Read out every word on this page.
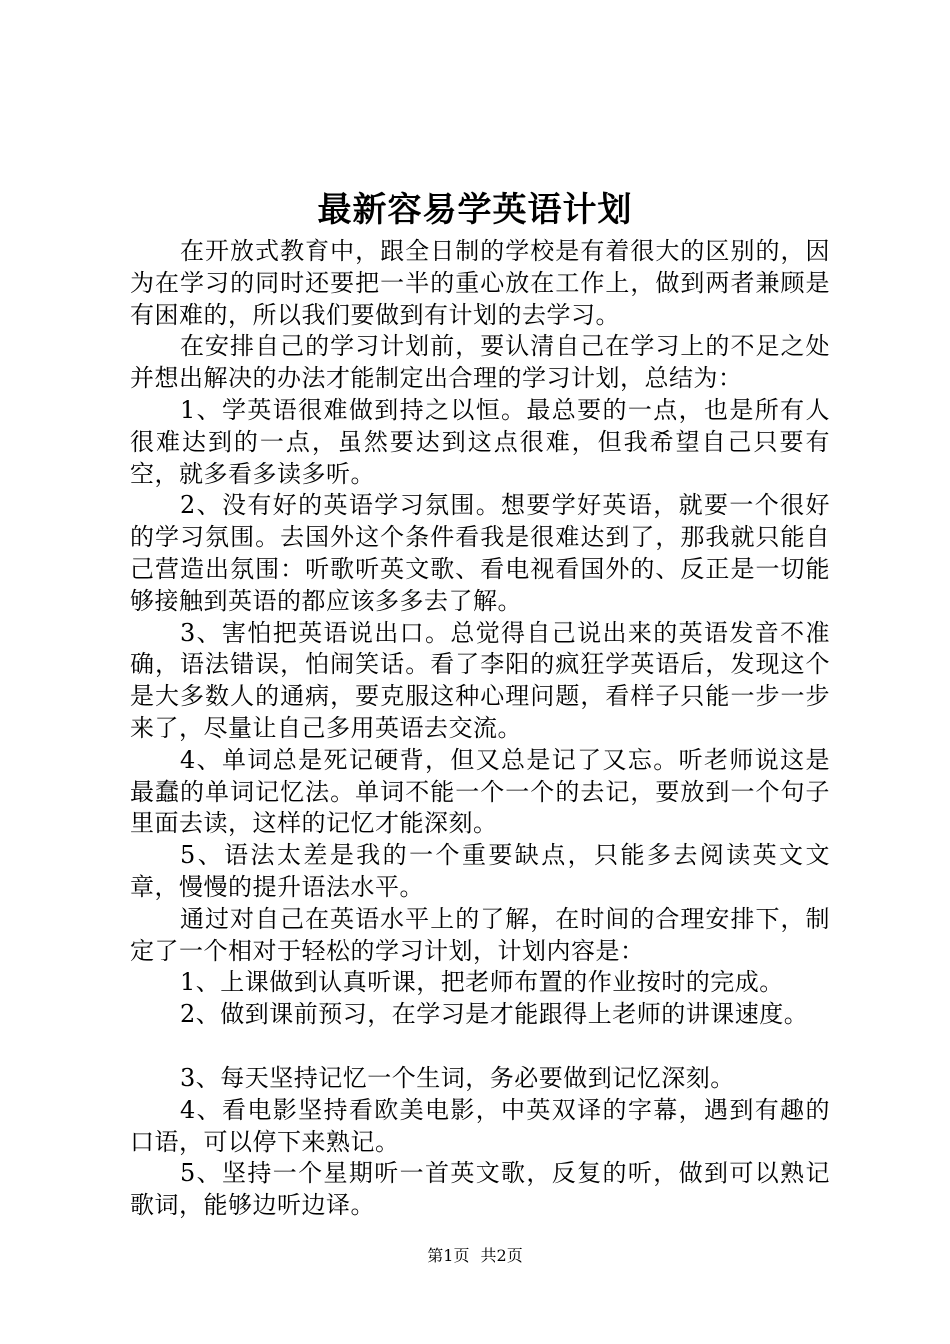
最新容易学英语计划

在开放式教育中，跟全日制的学校是有着很大的区别的，因为在学习的同时还要把一半的重心放在工作上，做到两者兼顾是有困难的，所以我们要做到有计划的去学习。

在安排自己的学习计划前，要认清自己在学习上的不足之处并想出解决的办法才能制定出合理的学习计划，总结为：

1、学英语很难做到持之以恒。最总要的一点，也是所有人很难达到的一点，虽然要达到这点很难，但我希望自己只要有空，就多看多读多听。

2、没有好的英语学习氛围。想要学好英语，就要一个很好的学习氛围。去国外这个条件看我是很难达到了，那我就只能自己营造出氛围：听歌听英文歌、看电视看国外的、反正是一切能够接触到英语的都应该多多去了解。

3、害怕把英语说出口。总觉得自己说出来的英语发音不准确，语法错误，怕闹笑话。看了李阳的疯狂学英语后，发现这个是大多数人的通病，要克服这种心理问题，看样子只能一步一步来了，尽量让自己多用英语去交流。

4、单词总是死记硬背，但又总是记了又忘。听老师说这是最蠢的单词记忆法。单词不能一个一个的去记，要放到一个句子里面去读，这样的记忆才能深刻。

5、语法太差是我的一个重要缺点，只能多去阅读英文文章，慢慢的提升语法水平。

通过对自己在英语水平上的了解，在时间的合理安排下，制定了一个相对于轻松的学习计划，计划内容是：

1、上课做到认真听课，把老师布置的作业按时的完成。

2、做到课前预习，在学习是才能跟得上老师的讲课速度。

3、每天坚持记忆一个生词，务必要做到记忆深刻。

4、看电影坚持看欧美电影，中英双译的字幕，遇到有趣的口语，可以停下来熟记。

5、坚持一个星期听一首英文歌，反复的听，做到可以熟记歌词，能够边听边译。

第1页 共2页
